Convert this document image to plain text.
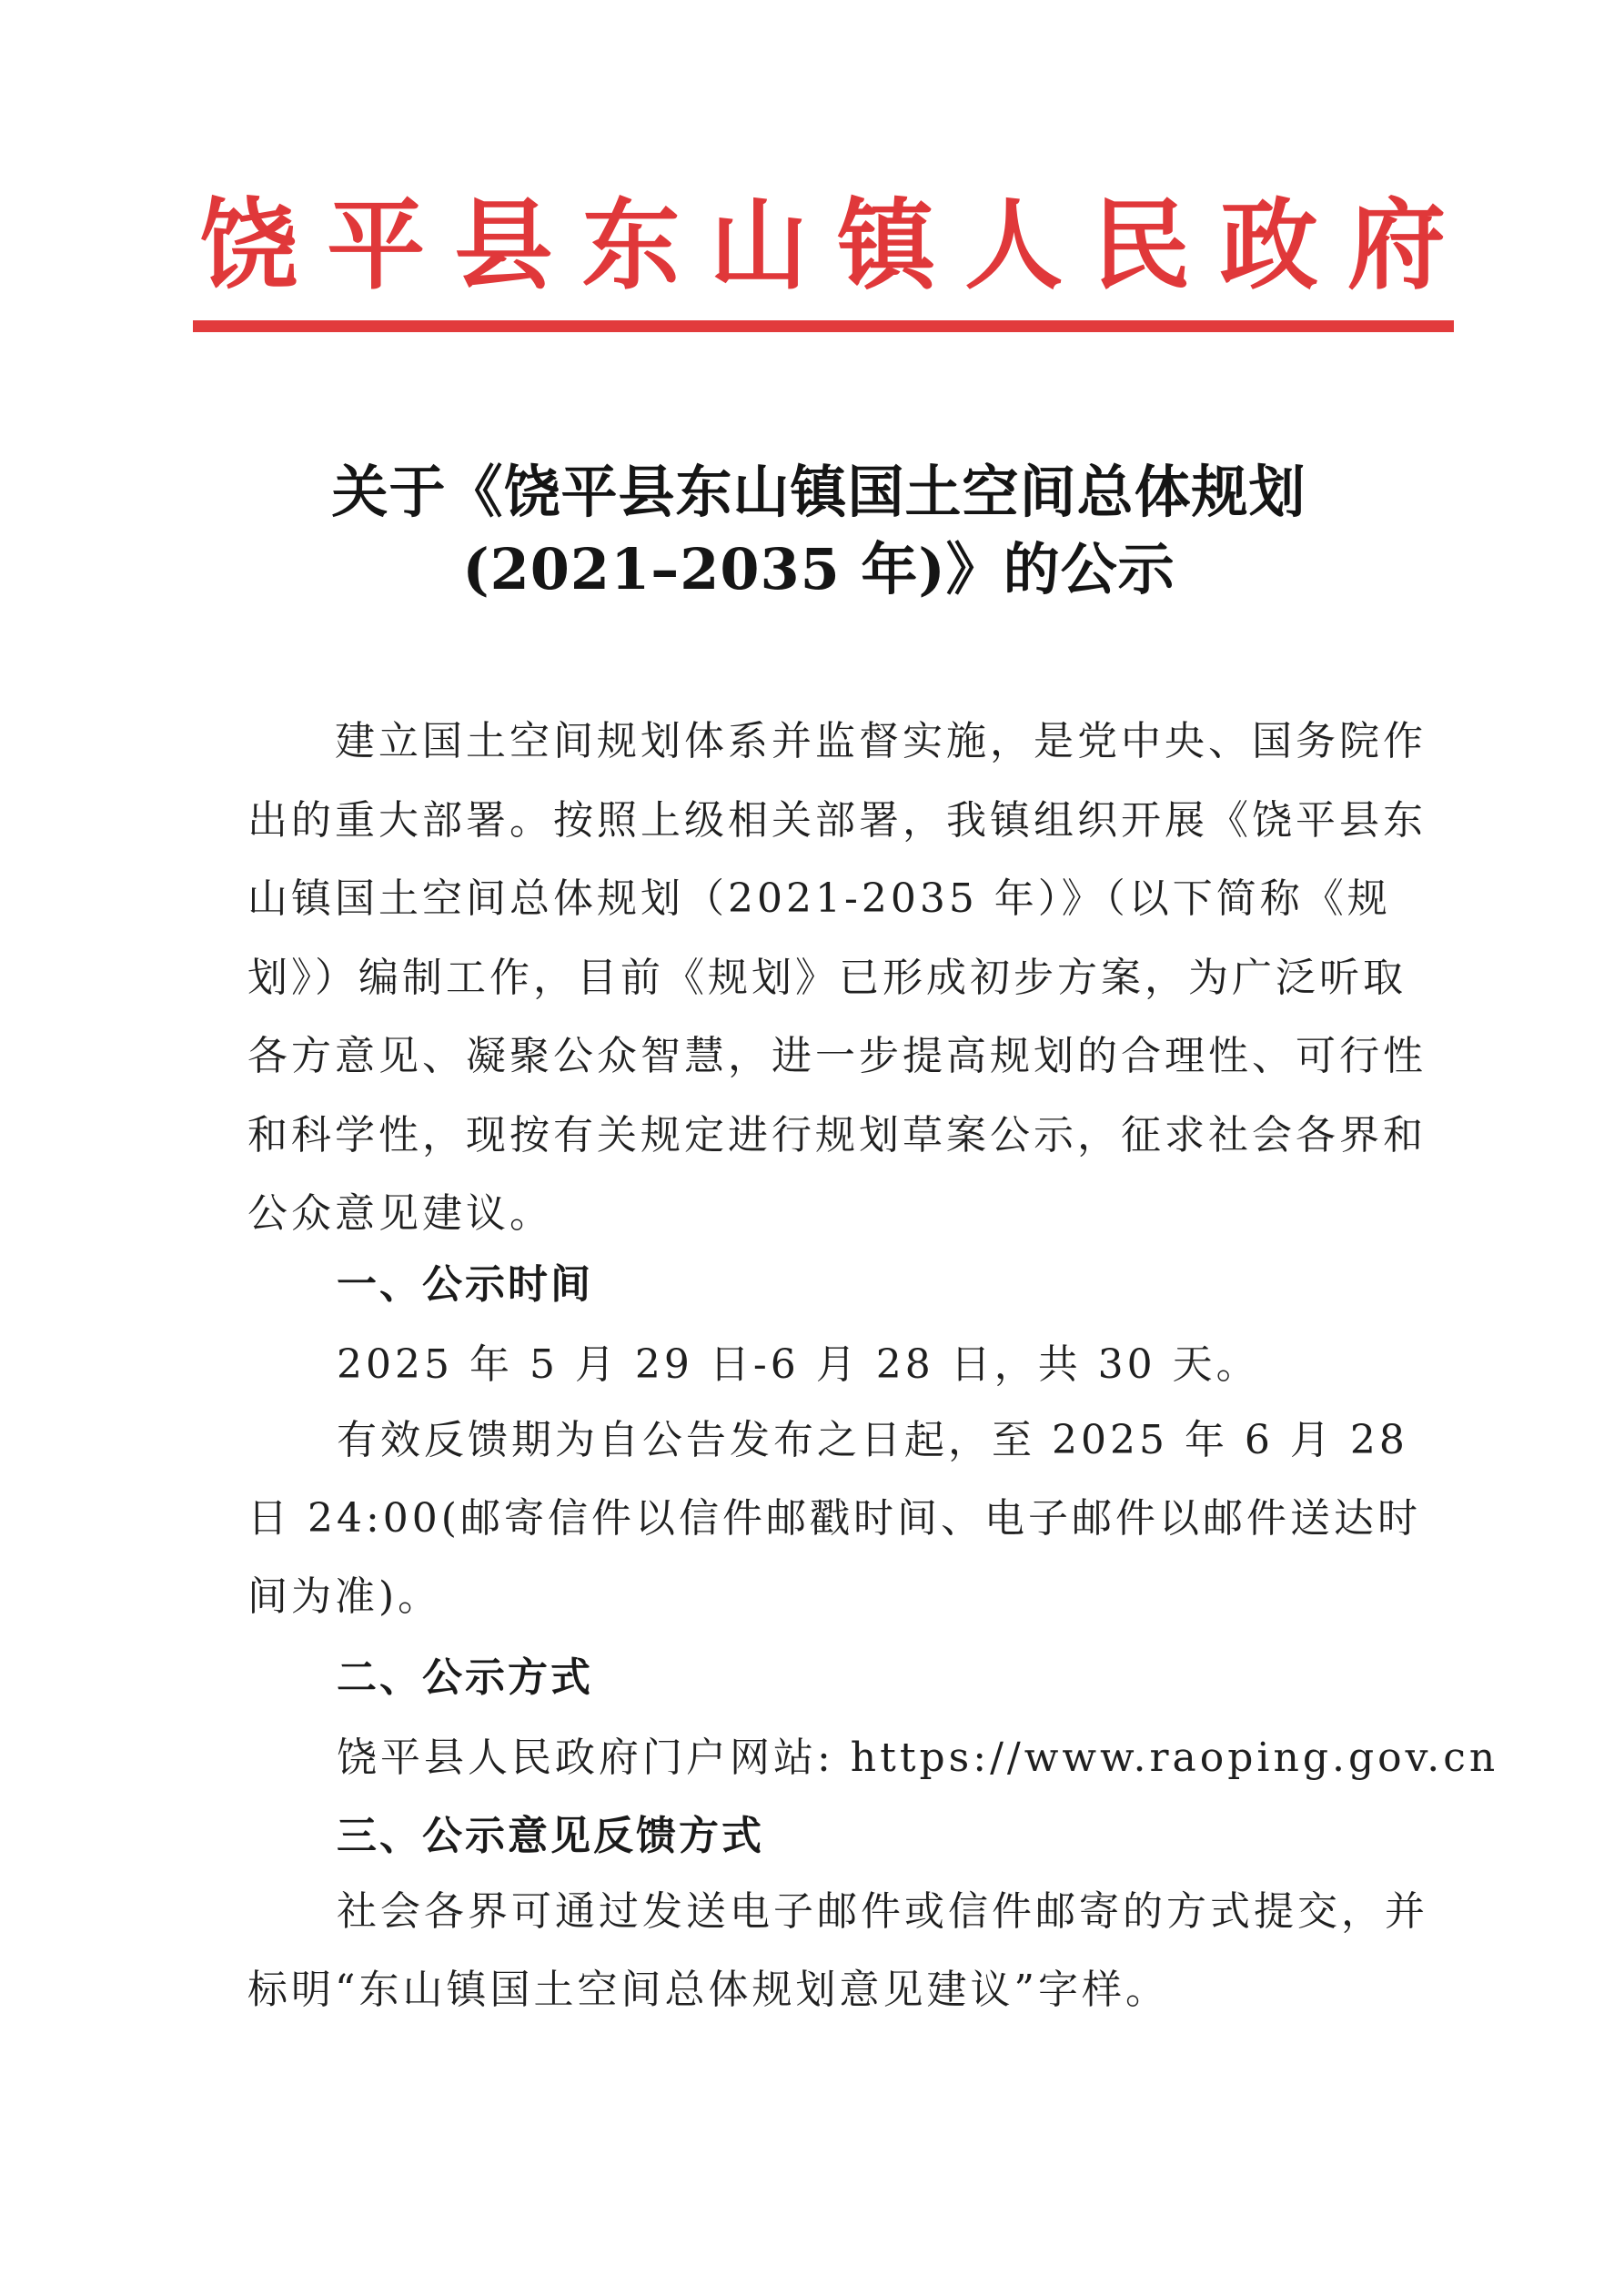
饶 平 县 东 山 镇 人 民 政 府
关于《饶平县东山镇国土空间总体规划
(2021–2035 年)》的公示
建立国土空间规划体系并监督实施，是党中央、国务院作出的重大部署。按照上级相关部署，我镇组织开展《饶平县东山镇国土空间总体规划（2021-2035 年）》（以下简称《规划》）编制工作，目前《规划》已形成初步方案，为广泛听取各方意见、凝聚公众智慧，进一步提高规划的合理性、可行性和科学性，现按有关规定进行规划草案公示，征求社会各界和公众意见建议。
一、公示时间
2025 年 5 月 29 日-6 月 28 日，共 30 天。
有效反馈期为自公告发布之日起，至 2025 年 6 月 28 日 24:00(邮寄信件以信件邮戳时间、电子邮件以邮件送达时间为准)。
二、公示方式
饶平县人民政府门户网站: https://www.raoping.gov.cn
三、公示意见反馈方式
社会各界可通过发送电子邮件或信件邮寄的方式提交，并标明“东山镇国土空间总体规划意见建议”字样。
